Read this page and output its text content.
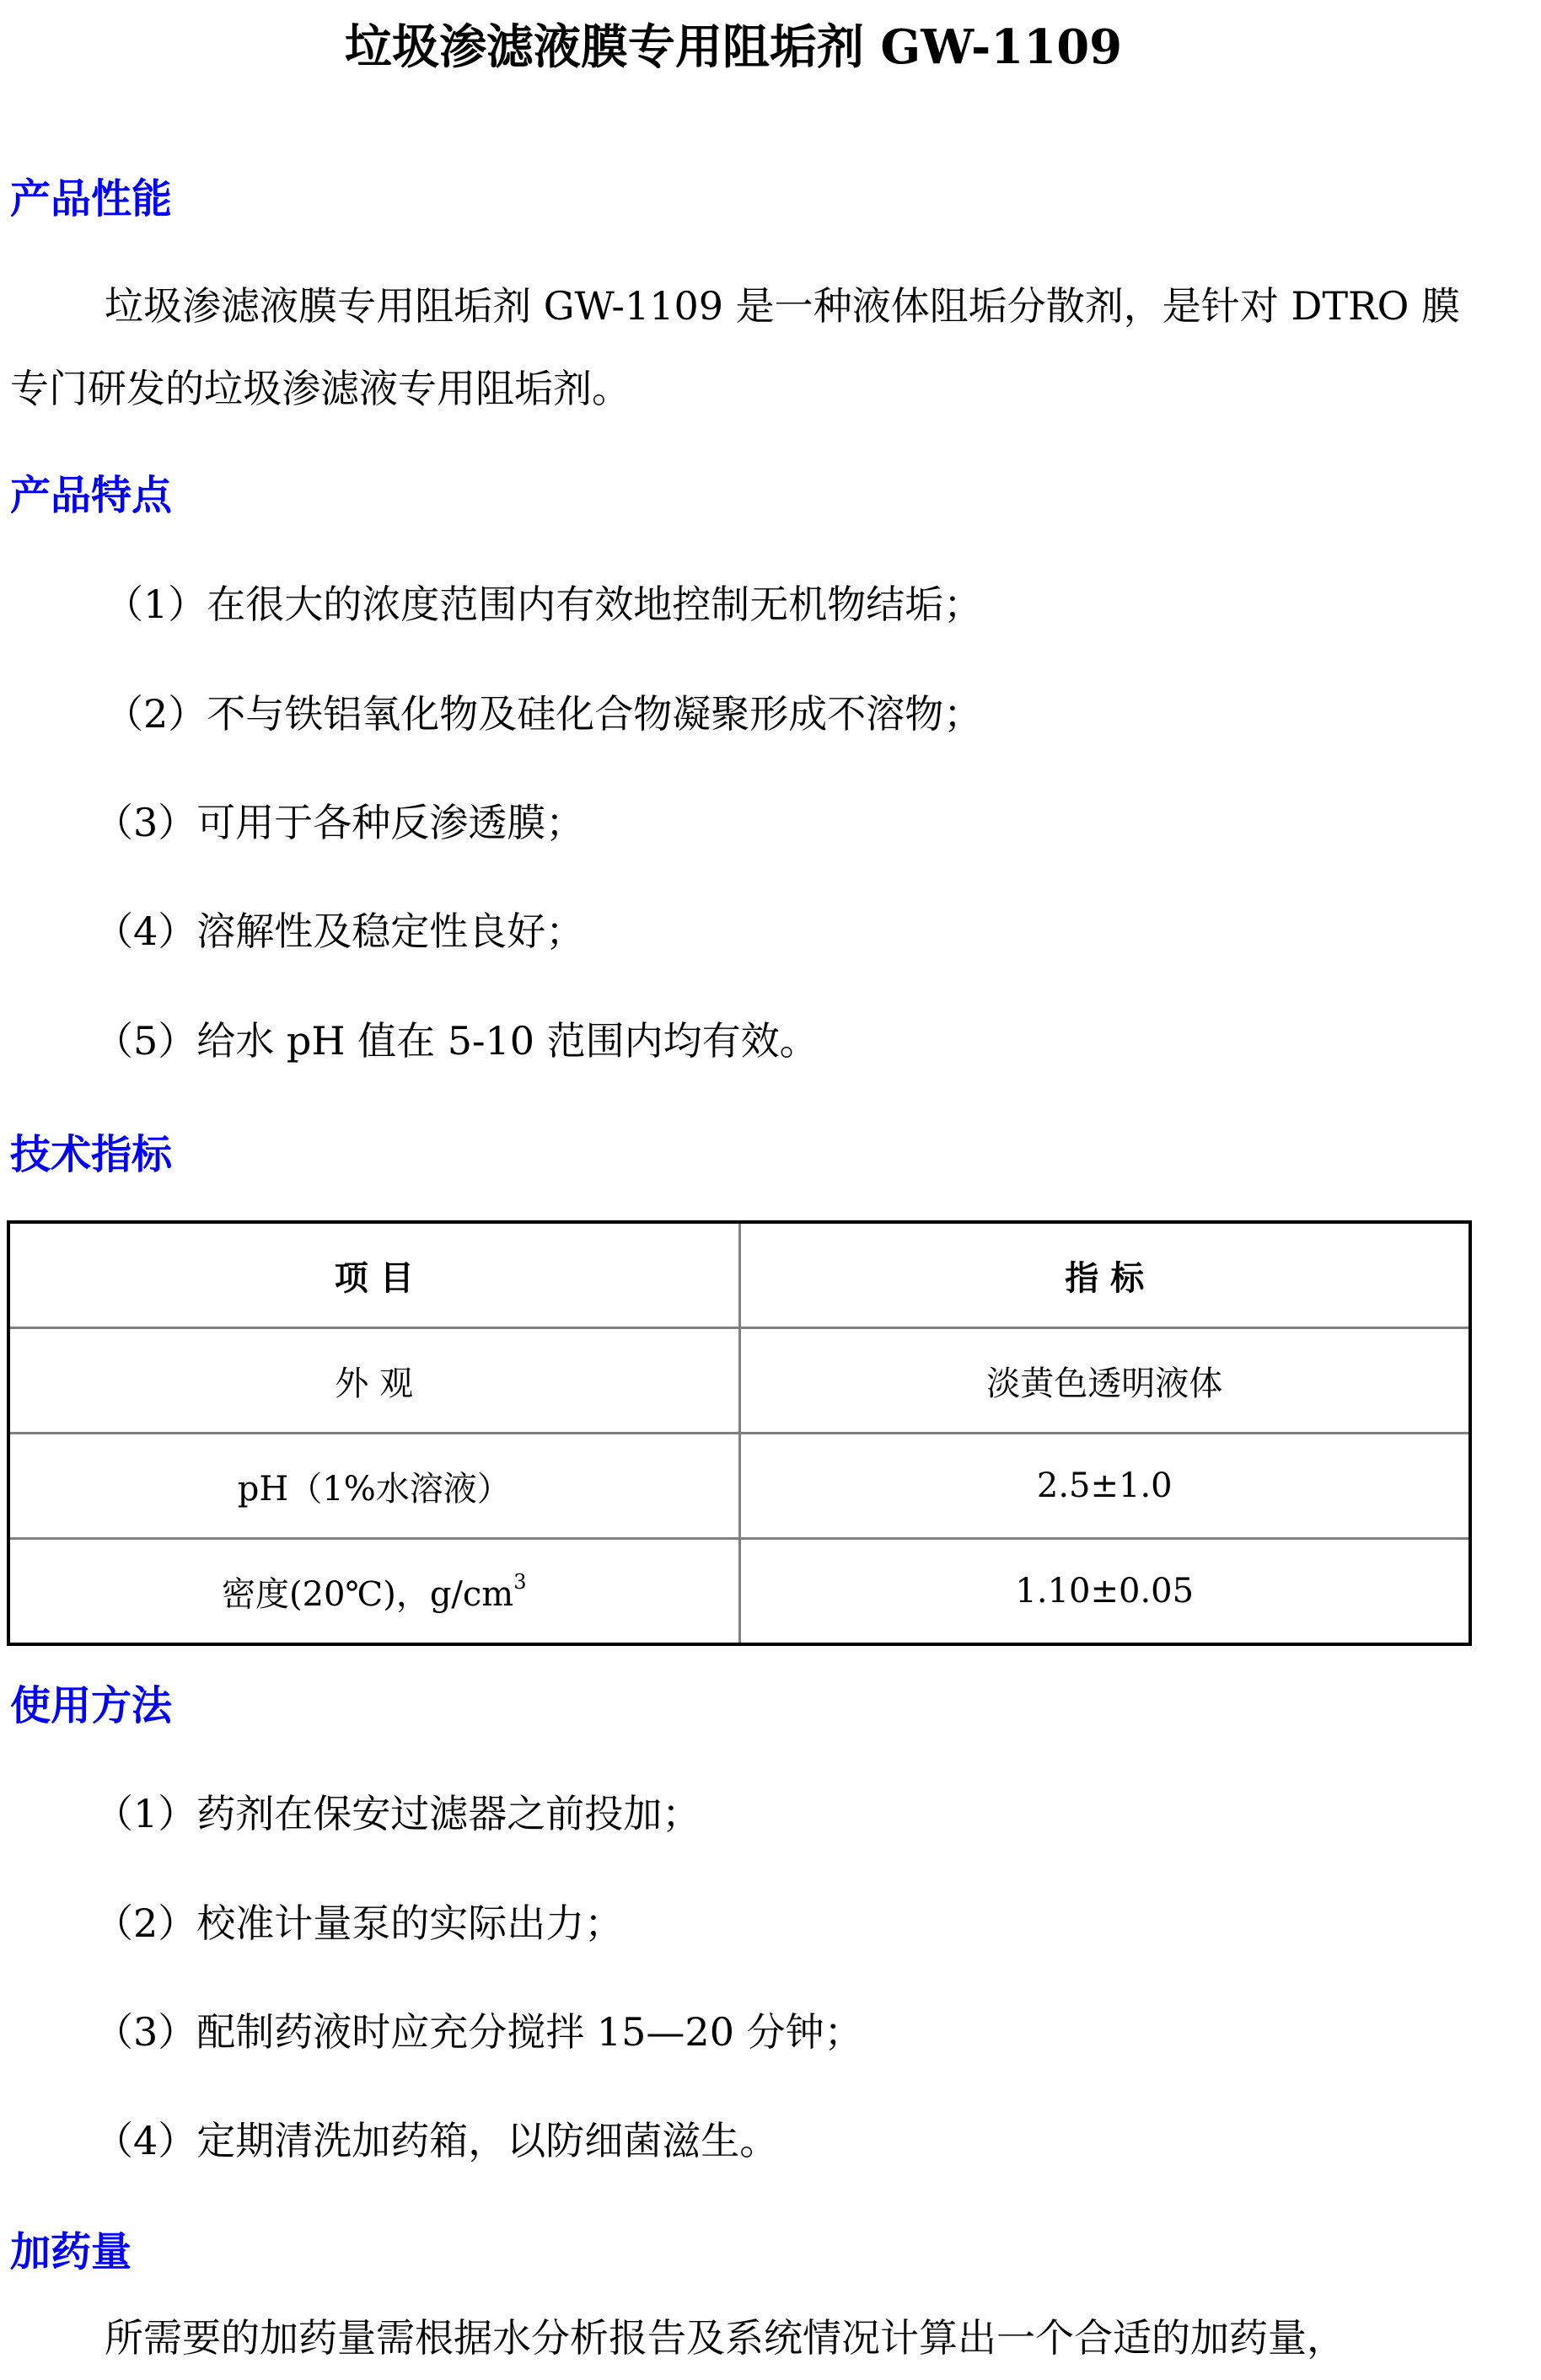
垃圾渗滤液膜专用阻垢剂 GW-1109
产品性能

垃圾渗滤液膜专用阻垢剂 GW-1109 是一种液体阻垢分散剂，是针对 DTRO 膜专门研发的垃圾渗滤液专用阻垢剂。

产品特点

（1）在很大的浓度范围内有效地控制无机物结垢；

（2）不与铁铝氧化物及硅化合物凝聚形成不溶物；

（3）可用于各种反渗透膜；

（4）溶解性及稳定性良好；

（5）给水 pH 值在 5-10 范围内均有效。

技术指标
项 目	指 标
外 观	淡黄色透明液体
pH（1%水溶液）	2.5±1.0
密度(20℃)，$g/cm^3$	1.10±0.05
使用方法

（1）药剂在保安过滤器之前投加；

（2）校准计量泵的实际出力；

（3）配制药液时应充分搅拌 15—20 分钟；

（4）定期清洗加药箱，以防细菌滋生。

加药量

所需要的加药量需根据水分析报告及系统情况计算出一个合适的加药量，
